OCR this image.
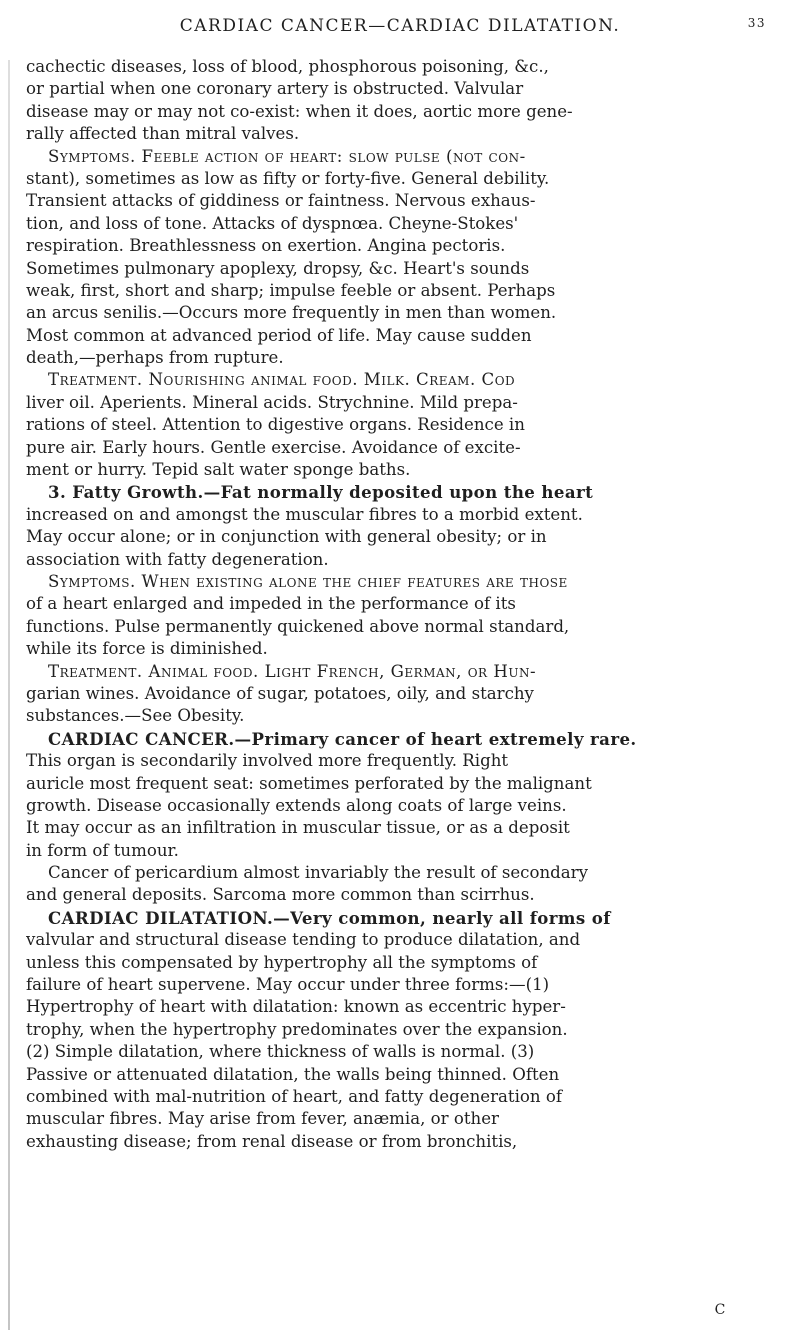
CARDIAC CANCER—CARDIAC DILATATION.	33
cachectic diseases, loss of blood, phosphorous poisoning, &c.,
or partial when one coronary artery is obstructed. Valvular
disease may or may not co-exist: when it does, aortic more gene-
rally affected than mitral valves.
Symptoms. Feeble action of heart: slow pulse (not con-
stant), sometimes as low as fifty or forty-five. General debility.
Transient attacks of giddiness or faintness. Nervous exhaus-
tion, and loss of tone. Attacks of dyspnœa. Cheyne-Stokes'
respiration. Breathlessness on exertion. Angina pectoris.
Sometimes pulmonary apoplexy, dropsy, &c. Heart's sounds
weak, first, short and sharp; impulse feeble or absent. Perhaps
an arcus senilis.—Occurs more frequently in men than women.
Most common at advanced period of life. May cause sudden
death,—perhaps from rupture.
Treatment. Nourishing animal food. Milk. Cream. Cod
liver oil. Aperients. Mineral acids. Strychnine. Mild prepa-
rations of steel. Attention to digestive organs. Residence in
pure air. Early hours. Gentle exercise. Avoidance of excite-
ment or hurry. Tepid salt water sponge baths.
3. Fatty Growth.—Fat normally deposited upon the heart
increased on and amongst the muscular fibres to a morbid extent.
May occur alone; or in conjunction with general obesity; or in
association with fatty degeneration.
Symptoms. When existing alone the chief features are those
of a heart enlarged and impeded in the performance of its
functions. Pulse permanently quickened above normal standard,
while its force is diminished.
Treatment. Animal food. Light French, German, or Hun-
garian wines. Avoidance of sugar, potatoes, oily, and starchy
substances.—See Obesity.
CARDIAC CANCER.—Primary cancer of heart extremely rare.
This organ is secondarily involved more frequently. Right
auricle most frequent seat: sometimes perforated by the malignant
growth. Disease occasionally extends along coats of large veins.
It may occur as an infiltration in muscular tissue, or as a deposit
in form of tumour.
Cancer of pericardium almost invariably the result of secondary
and general deposits. Sarcoma more common than scirrhus.
CARDIAC DILATATION.—Very common, nearly all forms of
valvular and structural disease tending to produce dilatation, and
unless this compensated by hypertrophy all the symptoms of
failure of heart supervene. May occur under three forms:—(1)
Hypertrophy of heart with dilatation: known as eccentric hyper-
trophy, when the hypertrophy predominates over the expansion.
(2) Simple dilatation, where thickness of walls is normal. (3)
Passive or attenuated dilatation, the walls being thinned. Often
combined with mal-nutrition of heart, and fatty degeneration of
muscular fibres. May arise from fever, anæmia, or other
exhausting disease; from renal disease or from bronchitis,
C
